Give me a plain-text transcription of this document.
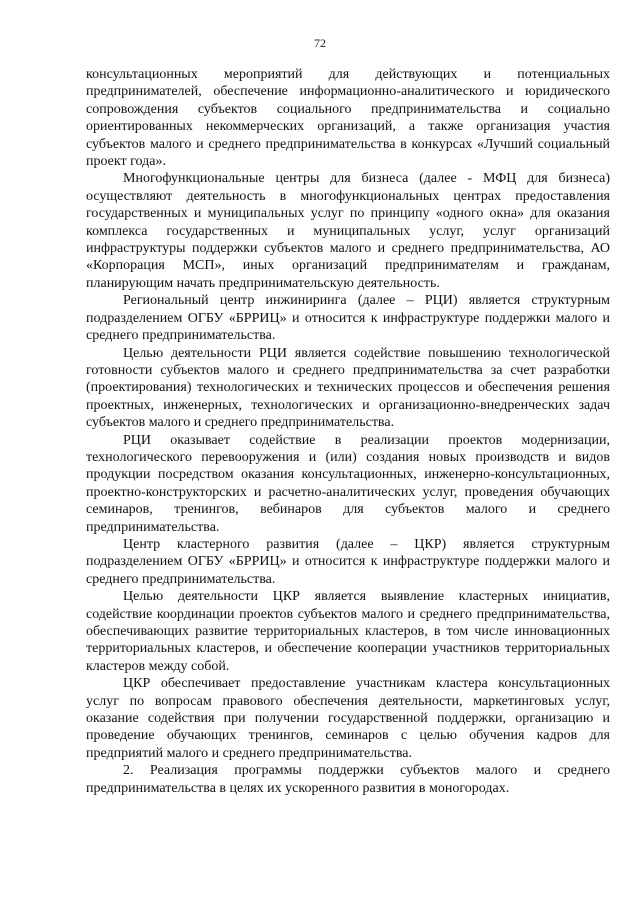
72

консультационных мероприятий для действующих и потенциальных предпринимателей, обеспечение информационно-аналитического и юридического сопровождения субъектов социального предпринимательства и социально ориентированных некоммерческих организаций, а также организация участия субъектов малого и среднего предпринимательства в конкурсах «Лучший социальный проект года».

Многофункциональные центры для бизнеса (далее - МФЦ для бизнеса) осуществляют деятельность в многофункциональных центрах предоставления государственных и муниципальных услуг по принципу «одного окна» для оказания комплекса государственных и муниципальных услуг, услуг организаций инфраструктуры поддержки субъектов малого и среднего предпринимательства, АО «Корпорация МСП», иных организаций предпринимателям и гражданам, планирующим начать предпринимательскую деятельность.

Региональный центр инжиниринга (далее – РЦИ) является структурным подразделением ОГБУ «БРРИЦ» и относится к инфраструктуре поддержки малого и среднего предпринимательства.

Целью деятельности РЦИ является содействие повышению технологической готовности субъектов малого и среднего предпринимательства за счет разработки (проектирования) технологических и технических процессов и обеспечения решения проектных, инженерных, технологических и организационно-внедренческих задач субъектов малого и среднего предпринимательства.

РЦИ оказывает содействие в реализации проектов модернизации, технологического перевооружения и (или) создания новых производств и видов продукции посредством оказания консультационных, инженерно-консультационных, проектно-конструкторских и расчетно-аналитических услуг, проведения обучающих семинаров, тренингов, вебинаров для субъектов малого и среднего предпринимательства.

Центр кластерного развития (далее – ЦКР) является структурным подразделением ОГБУ «БРРИЦ» и относится к инфраструктуре поддержки малого и среднего предпринимательства.

Целью деятельности ЦКР является выявление кластерных инициатив, содействие координации проектов субъектов малого и среднего предпринимательства, обеспечивающих развитие территориальных кластеров, в том числе инновационных территориальных кластеров, и обеспечение кооперации участников территориальных кластеров между собой.

ЦКР обеспечивает предоставление участникам кластера консультационных услуг по вопросам правового обеспечения деятельности, маркетинговых услуг, оказание содействия при получении государственной поддержки, организацию и проведение обучающих тренингов, семинаров с целью обучения кадров для предприятий малого и среднего предпринимательства.

2. Реализация программы поддержки субъектов малого и среднего предпринимательства в целях их ускоренного развития в моногородах.
